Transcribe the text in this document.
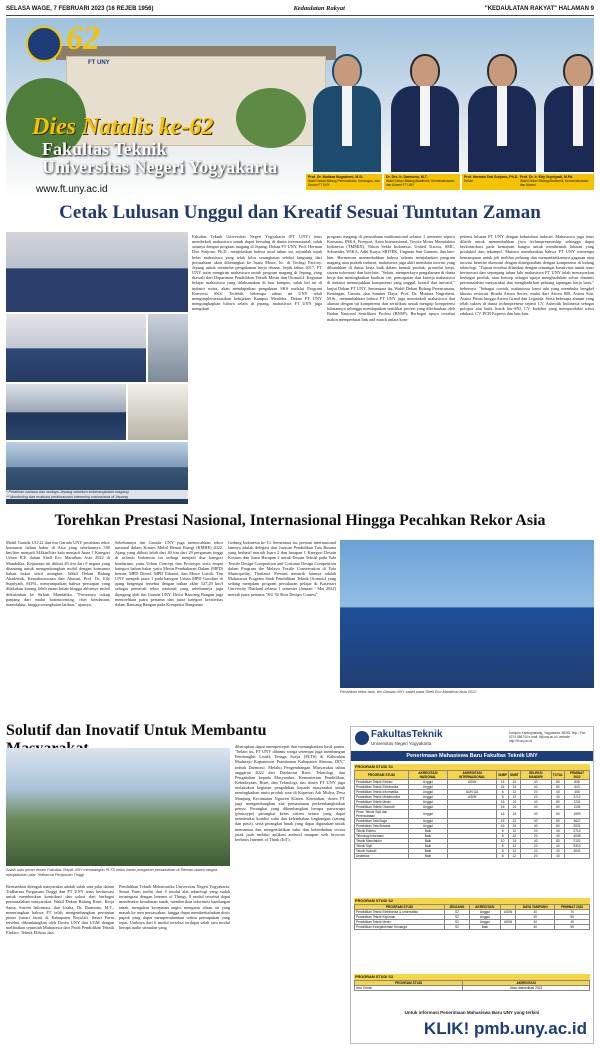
SELASA WAGE, 7 FEBRUARI 2023 (16 REJEB 1956)	Kedaulatan Rakyat	"KEDAULATAN RAKYAT" HALAMAN 9
62
FT UNY
Dies Natalis ke-62
Fakultas Teknik
Universitas Negeri Yogyakarta
www.ft.uny.ac.id
Prof. Dr. Mutiara Nugraheni, M.Si.
Wakil Dekan Bidang Perencanaan, Keuangan, dan Umum FT UNY
Dr. Drs. Ir. Darmono, M.T.
Wakil Dekan Bidang Akademik, Kemahasiswaan dan Alumni FT UNY
Prof. Herman Dwi Surjono, Ph.D.
Dekan
Prof. Dr. Ir. Edy Supriyadi, M.Pd.
Wakil Dekan Bidang Akademik, Kemahasiswaan dan Alumni
Cetak Lulusan Unggul dan Kreatif Sesuai Tuntutan Zaman
* Pelatihan bahasa dan budaya Jepang sebelum keberangkatan magang
** Monitoring dan evaluasi pelaksanaan internship mahasiswa di Jepang
Fakultas Teknik Universitas Negeri Yogyakarta (FT UNY) terus membekali mahasiswa untuk dapat bersaing di dunia internasional, salah satunya dengan program magang di Jepang. Dekan FT UNY, Prof. Herman Dwi Surjono, Ph.D., menjelaskan bahwa awal tahun ini, sejumlah tujuh belas mahasiswa yang telah lolos serangkaian seleksi langsung dari perusahaan akan diberangkat ke Isuzu Motor, ltc. di Tochigi Factory, Jepang untuk menimba pengalaman kerja disana. Sejak tahun 2017, FT UNY rutin mengirim mahasiswa untuk program magang di Jepang, yang diawali dari Departmen Pendidikan Teknik Mesin dan Otomotif. Kegiatan belajar mahasiswa yang dilaksanakan di luar kampus, salah hal ini di industri mitra, akan mendapatkan pengakuan SKS melalui Program Konversi SKS. Terlebih, beberapa tahun ini UNY telah mengimplementasikan kebijakan Kampus Merdeka. Dekan FT UNY mengungkapkan bahwa selain di jepang, mahasiswa FT UNY juga mengikuti
program magang di perusahaan multinasional selama 1 semester seperti Komatsu, INKA, Freeport, Astra Internasional, Toyota Motor Manufaktur Indonesia (TMMIN), Nihon Sekki Indonesia, United Tractor, SMC, Schneider, WIKA, Adhi Karya, SRITEK, Ungaran Sari Garmen, dan lain-lain. Hermawan menambahkan bahwa selama menjalankan program magang atau praktik industri, mahasiswa juga aktif membuat inovasi yang dibutuhkan di dunia kerja baik dalam bentuk produk, prosedur kerja, sistem informasi dan lain-lain. "Selain, memperkaya pengalaman di dunia kerja dan meningkatkan kualitas ciri, pencapaian dan kinerja mahasiswa di industri menunjukkan kompetensi yang unggul, kreatif dan inovatif," lanjut Dekan FT UNY. Sementara itu, Wakil Dekan Bidang Perencanaan, Keuangan, Umum, dan Sumber Daya, Prof. Dr. Mutiara Nugraheni, M.Si., menambahkan bahwa FT UNY juga membekali mahasiswa dan alumni dengan uji kompetensi dan sertifikasi untuk menguji kompetensi lulusannya sehingga mendapatkan sertifikat profesi yang dikeluarkan oleh Badan Nasional Sertifikasi Profesi (BNSP). Berbagai upaya tersebut makin memperkuat link and match antara kom-
petensi lulusan FT UNY dengan kebutuhan industri. Mahasiswa juga terus dilatih untuk menumbuhkan jiwa technopreneurship sehingga dapat berkontribusi pada kemajuan bangsa untuk membentuk lulusan yang produktif dan tekampil. Mutiara menekankan bahwa FT UNY menempa kemampuan untuk jeli melihat peluang dan memanfaatkannya gagasan atau inovasi bernilai ekonomi dengan dintegrasikan dengan kompetensi di bidang teknologi. "Tujuan tersebut dilandasi dengan semangat kreativitas untuk terus berinovasi dan sepanjang tahun lalu mahasiswa FT UNY telah menawarkan berbagai produk, atau konsep sebagai upaya menghadirkan solusi dinamis permasalahan masyarakat dan menghadirkan peluang tapangan kerja baru," bebernya. "Sebagai contoh, mahasiswa kami ada yang membuka bengkel khusus restorasi Honda Astrea Series, mulai dari Astrea 800, Astrea Star, Astrea Prima hingga Astrea Grand dan Legenda. Serta beberapa alumni yang telah sukses di dunia technopreneur seperti CV. Asbeotik Indonesia sebagai polopor alat batik listrik ber-SNI, CV. Indobot yang memproduksi robot edukasi, CV. PCB Express dan lain-lain.
Torehkan Prestasi Nasional, Internasional Hingga Pecahkan Rekor Asia
Mobil Garuda UG-22 dan tim Garuda UNY pecahkan rekor konsumsi bahan bakar di Asia yang sebelumnya 500 km/liter menjadi 544km/liter kala menjadi Juara 1 Kategori Urban ICE dalam Shell Eco Marathon Asia 2022 di Mandalika. Kejuaraan ini diikuti 49 tim dari 9 negara yang ditantang untuk mengembangkan mobil dengan konsumsi bahan bakar seirit mungkin. Wakil Dekan Bidang Akademik, Kemahasiswaan dan Alumni, Prof. Dr. Edy Supriyadi, M.Pd., menyampaikan bahwa persiapan yang dilakukan kurang lebih enam bulan hingga akhirnya mobil diikirimkan ke Sirkuit Mandalika. "Prosesnya cukup panjang dari mulai brainstorming, riset kendaraan, manufaktur, hingga serangkaian latihan," ujarnya.
Sebelumnya tim Garuda UNY juga memecahkan rekor nasional dalam Kontes Mobil Hemat Energi (KMHE) 2022. Ajang yang diikuti lebih dari 40 tim dari 29 perguruan tinggi di seluruh Indonesia ini terbagi menjadi dua kategori kendaraan, yaitu Urban Concept dan Prototype serta empat kategori bahan bakar yaitu Mesin Pembakaran Dalam (MPD) bensin, MPD Diesel, MPD Ethanol, dan Motor Listrik. Tim UNY menjadi juara 1 pada kategori Urban MPD Gasoline di ajang bergengsi tersebut dengan raihan akhir 527,29 km/l sebagai pemecah rekor nasional yang sebelumnya juga dipegang oleh tim Garuda UNY. Divisi Rancang Bangun juga menorehkan juara pertama dan juara kategori kreativitas dalam Rancang Bangun pada Kompetisi Bangunan
Gedung Indonesia ke-13. Sementara itu, prestasi internasional lainnya adalah delegasi dari Jurusan Pendidikan Tata Busana yang berhasil meraih Juara 2 dan harapan 1 Kategori Desain Kostum dan Juara Harapan 2 untuk Desain Tekstil pada Yala Textile Design Competition and Costume Design Competition dalam Program the Melayu Textile Conservation di Yala Municipality, Thailand. Prestasi menarik lainnya adalah Mahasiswa Program Studi Pendidikan Teknik Otomotif yang sedang menjalani program pertukaran pelajar di Kasetsart University Thailand selama 1 semester (Januari - Mei 2022) meraih juara pertama "KU 92 Shirt Design Contest".
Pecahkan rekor asia, tim Garuda UNY sabet juara Shell Eco Marathon Asia 2022
Solutif dan Inovatif Untuk Membantu
Salah satu peran dosen Fakultas Teknik UNY membangun PLTS untuk bantu pengairan persawahan di Sleman dalam rangka menjalankan pilar Tridharma Perguruan Tinggi
Bermanfaat ditengah masyarakat adalah salah satu pilar dalam Tridharma Perguruan Tinggi dan FT UNY terus berinovasi untuk memberikan kontribusi dan solusi dari berbagai permasalahan masyarakat. Wakil Dekan Bidang Riset, Kerja Sama, Sistem Informasi, dan Usaha, Dr. Darmono, M.T., menerangkan bahwa FT telah mengembangkan pertanian pintar (smart farm) di Kabupaten Boyolali. Smart Farm tersebut dikembangkan oleh Dosen UNY dan UGM dengan melibatkan sejumlah Mahasiswa dari Prodi Pendidikan Teknik Elektro, Teknik Elektro dan
Pendidikan Teknik Mekatronika Universitas Negeri Yogyakarta. Smart Farm terdiri dari 6 modul alat teknologi yang sudah terintegrasi dengan Internet of Things, 8 modul tersebut dapat mendeteksi kesuburan tanah, memberikan informasi kandungan tanah, mengukur kecepatan angin, mengatur aliran air yang masuk ke area persawahan, hingga dapat memberitahukan dosis pupuk yang dapat mempertahankan waktu pemupukan yang tepat. Uniknya dari 6 modul tersebut terdapat salah satu modul berupa audio stimulan yang
diharapkan dapat mempercepat dan meningkatkan hasil panen. "Selain itu, FT UNY dibantu warga setempat juga membangun Pembangkit Listrik Tenaga Surya (PLTS) di Kalurahan Madurejo Kapanewon Prambanan Kabupaten Sleman, DIY," imbuh Darmono. Melalui Pengembangan Masyarakat tahun anggaran 2022 dari Direktorat Riset, Teknologi, dan Pengabdian kepada Masyarakat, Kementerian Pendidikan, Kebudayaan, Riset, dan Teknologi, tim dosen FT UNY juga melakukan kegiatan pengabdian kepada masyarakat untuk meningkatkan mutu produk sour di Koperasi Adi Mulya, Desa Manjung Kecamatan Ngawen Klaten. Kemudian, dosen FT juga mengembangkan alat pemantauan perkembangbiakan penyu. Perangkat yang dikembangkan berupa purwarupa (prototype) perangkat keras sistem sensor yang dapat mendeteksi kondisi suhu dan kelembaban lingkungan (sarang dan pasir), serta perangkat lunak yang dapat digunakan untuk memantau dan mengendalikan suhu dan kelembaban secara jarak jauh melalui aplikasi android maupun web browser berbasis Internet of Think (IoT).
FakultasTeknik
Universitas Negeri Yogyakarta
Kampus Karangmalang, Yogyakarta, 55281 Telp / Fax: 0274 586734 e-mail: ft@uny.ac.id / website : http://ft.uny.ac.id
Penerimaan Mahasiswa Baru Fakultas Teknik UNY
PROGRAM STUDI S1
PROGRAM STUDI	AKREDITASI NASIONAL	AKREDITASI INTERNASIONAL	SNBP	SNBT	SELEKSI MANDIRI	TOTAL	PEMINAT 2022
Pendidikan Teknik Elektro	Unggul	ASIIN	16	24	40	80	808
Pendidikan Teknik Elektronika	Unggul		16	24	40	80	643
Pendidikan Teknik Informatika	Unggul	AUN QA	8	12	20	40	406
Pendidikan Teknik Mekatronika	Unggul	ASIIN	8	12	20	40	3712
Pendidikan Teknik Mesin	Unggul		16	24	40	80	1231
Pendidikan Teknik Otomotif	Unggul		16	24	40	80	1105
Pend. Teknik Sipil dan Perencanaan	Unggul		16	24	40	80	1599
Pendidikan Tata Boga	Unggul		16	24	40	80	3627
Pendidikan Tata Busana	Unggul		16	24	40	80	2931
Teknik Elektro	Baik		8	12	20	40	2714
Teknologi Informasi	Baik		8	12	20	40	4048
Teknik Manufaktur	Baik		10	24	40	80	2102
Teknik Sipil	Baik		8	12	20	40	5313
Teknik Industri	Baik		8	12	20	40	4641
Arsitektur	Baik		8	12	20	40	
PROGRAM STUDI S2
PROGRAM STUDI	JENJANG	AKREDITASI		DAYA TAMPUNG	PEMINAT 2022
Pendidikan Teknik Elektronika & Informatika	S2	Unggul	ASIIN	40	70
Pendidikan Teknik Kejuruan	S2	Unggul		40	55
Pendidikan Teknik Mesin	S2	Unggul	ASIIN	40	49
Pendidikan Kesejahteraan Keluarga	S2	Baik		40	55
PROGRAM STUDI S3
PROGRAM STUDI	AKREDITASI
Ilmu Teknik	Akan diakreditasi 2023
Untuk informasi Penerimaan Mahasiswa Baru UNY yang terkini
KLIK! pmb.uny.ac.id
